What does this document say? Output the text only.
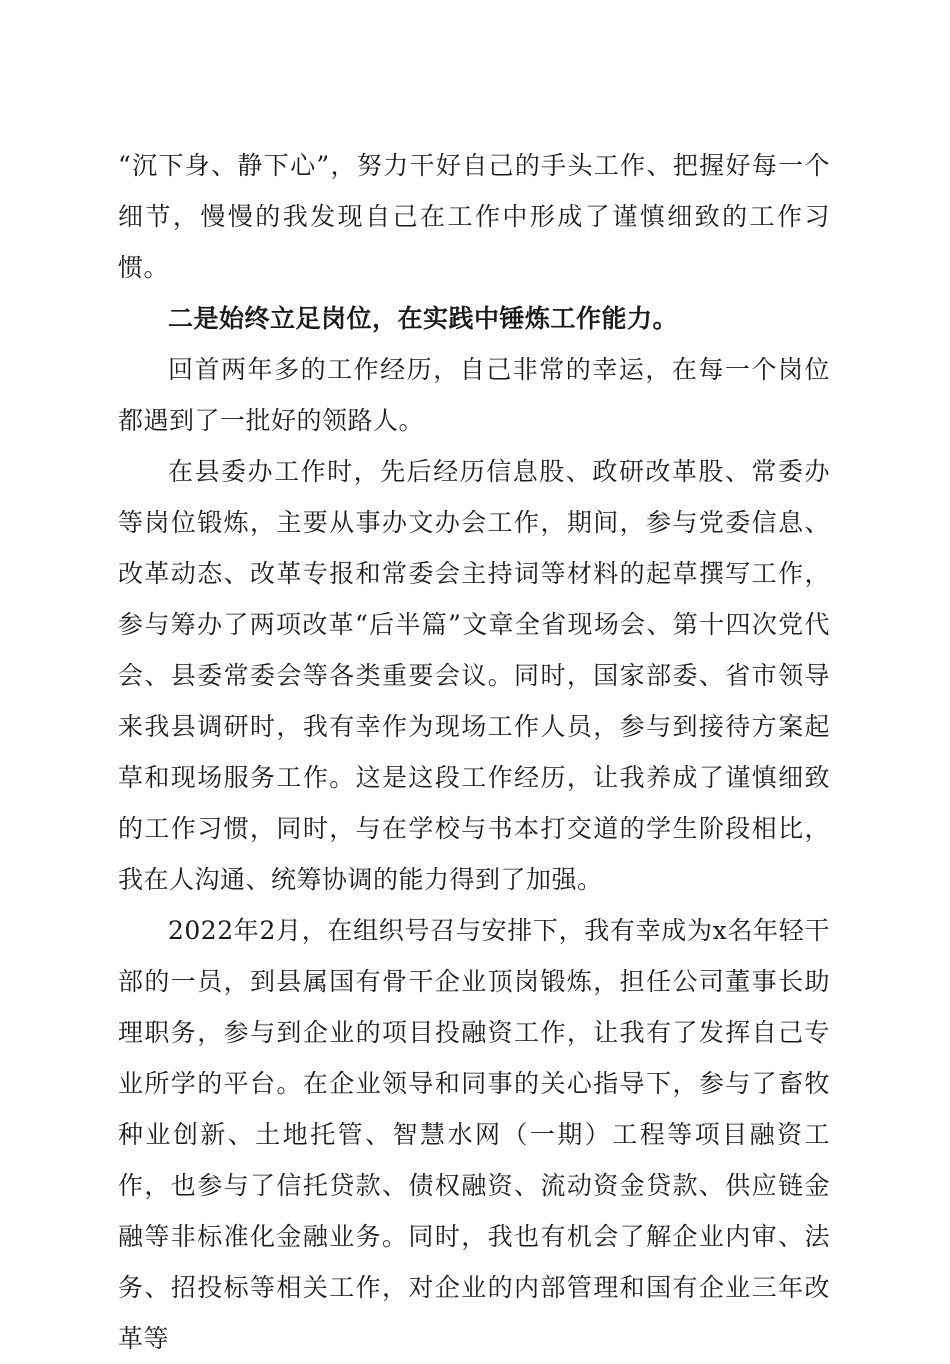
“沉下身、静下心”，努力干好自己的手头工作、把握好每一个细节，慢慢的我发现自己在工作中形成了谨慎细致的工作习惯。

二是始终立足岗位，在实践中锤炼工作能力。

回首两年多的工作经历，自己非常的幸运，在每一个岗位都遇到了一批好的领路人。

在县委办工作时，先后经历信息股、政研改革股、常委办等岗位锻炼，主要从事办文办会工作，期间，参与党委信息、改革动态、改革专报和常委会主持词等材料的起草撰写工作，参与筹办了两项改革“后半篇”文章全省现场会、第十四次党代会、县委常委会等各类重要会议。同时，国家部委、省市领导来我县调研时，我有幸作为现场工作人员，参与到接待方案起草和现场服务工作。这是这段工作经历，让我养成了谨慎细致的工作习惯，同时，与在学校与书本打交道的学生阶段相比，我在人沟通、统筹协调的能力得到了加强。

2022年2月，在组织号召与安排下，我有幸成为x名年轻干部的一员，到县属国有骨干企业顶岗锻炼，担任公司董事长助理职务，参与到企业的项目投融资工作，让我有了发挥自己专业所学的平台。在企业领导和同事的关心指导下，参与了畜牧种业创新、土地托管、智慧水网（一期）工程等项目融资工作，也参与了信托贷款、债权融资、流动资金贷款、供应链金融等非标准化金融业务。同时，我也有机会了解企业内审、法务、招投标等相关工作，对企业的内部管理和国有企业三年改革等
